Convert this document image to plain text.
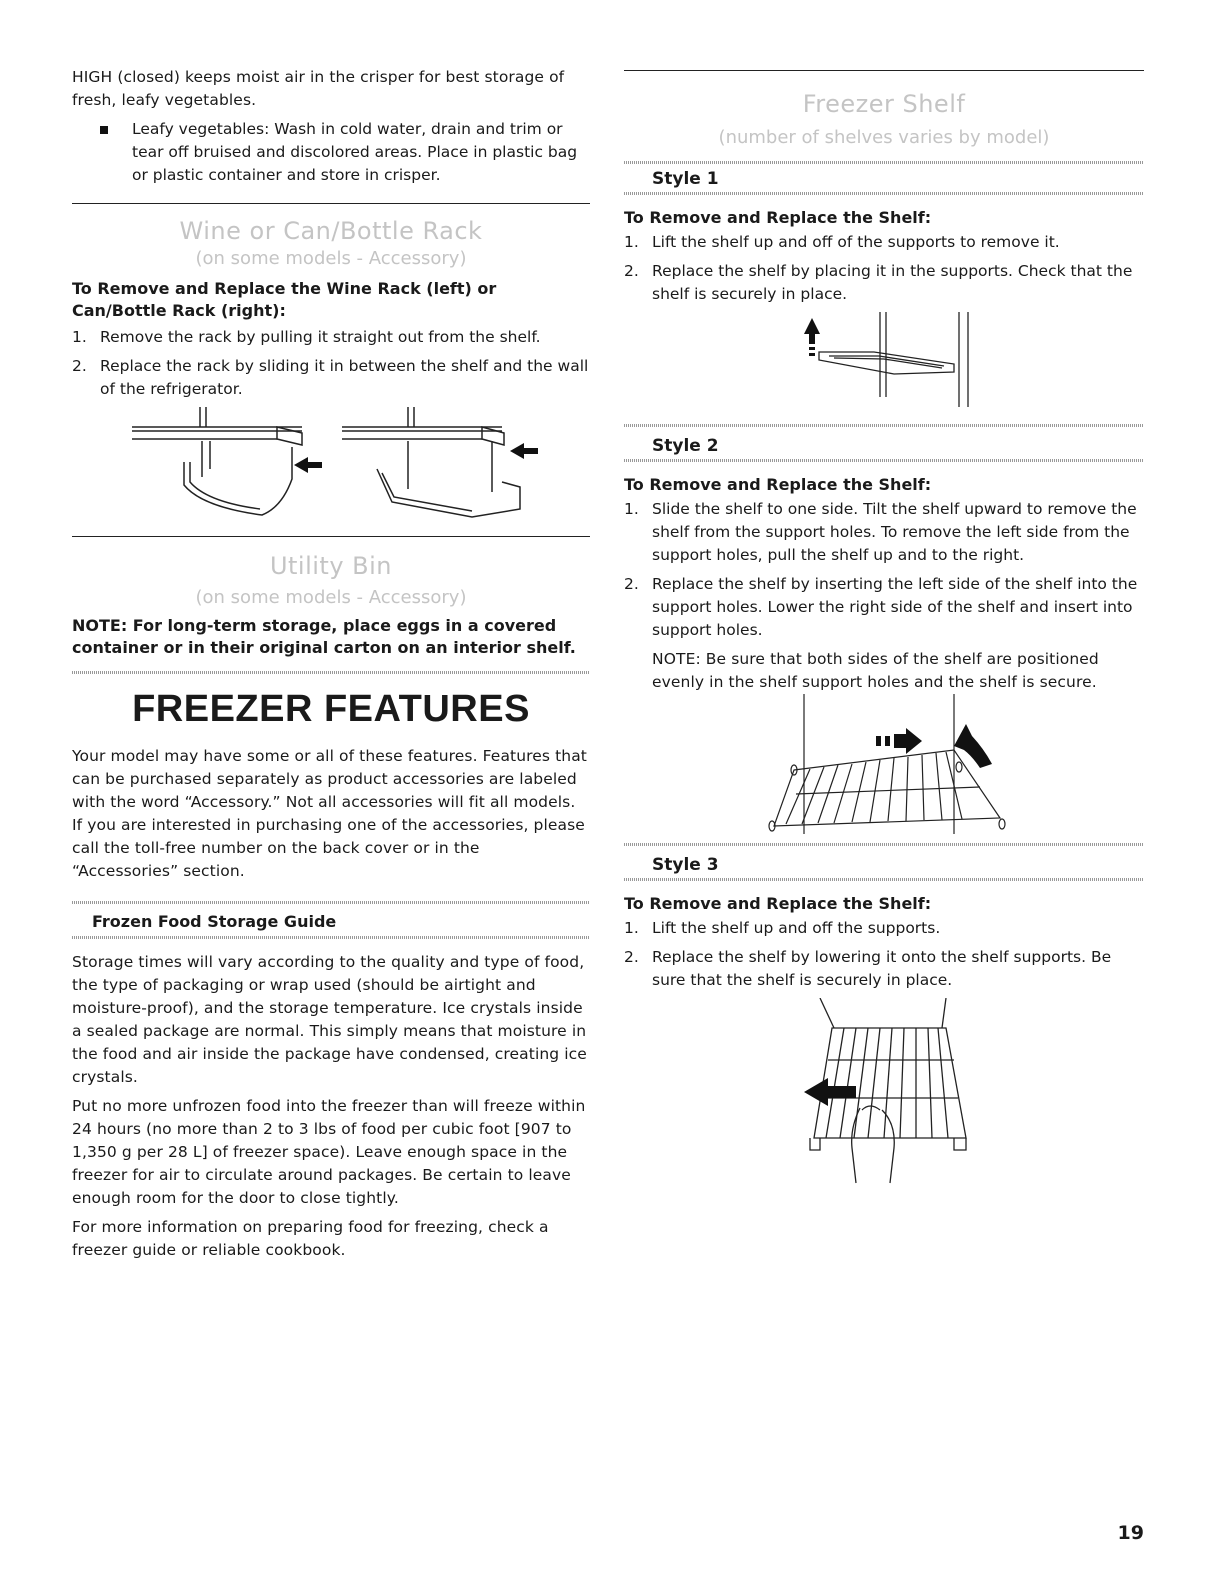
HIGH (closed) keeps moist air in the crisper for best storage of fresh, leafy vegetables.

Leafy vegetables: Wash in cold water, drain and trim or tear off bruised and discolored areas. Place in plastic bag or plastic container and store in crisper.
Wine or Can/Bottle Rack
(on some models - Accessory)

To Remove and Replace the Wine Rack (left) or Can/Bottle Rack (right):

1. Remove the rack by pulling it straight out from the shelf.
2. Replace the rack by sliding it in between the shelf and the wall of the refrigerator.
Utility Bin
(on some models - Accessory)

NOTE: For long-term storage, place eggs in a covered container or in their original carton on an interior shelf.

FREEZER FEATURES

Your model may have some or all of these features. Features that can be purchased separately as product accessories are labeled with the word “Accessory.” Not all accessories will fit all models. If you are interested in purchasing one of the accessories, please call the toll-free number on the back cover or in the “Accessories” section.

Frozen Food Storage Guide

Storage times will vary according to the quality and type of food, the type of packaging or wrap used (should be airtight and moisture-proof), and the storage temperature. Ice crystals inside a sealed package are normal. This simply means that moisture in the food and air inside the package have condensed, creating ice crystals.

Put no more unfrozen food into the freezer than will freeze within 24 hours (no more than 2 to 3 lbs of food per cubic foot [907 to 1,350 g per 28 L] of freezer space). Leave enough space in the freezer for air to circulate around packages. Be certain to leave enough room for the door to close tightly.

For more information on preparing food for freezing, check a freezer guide or reliable cookbook.

Freezer Shelf
(number of shelves varies by model)
Style 1

To Remove and Replace the Shelf:

1. Lift the shelf up and off of the supports to remove it.
2. Replace the shelf by placing it in the supports. Check that the shelf is securely in place.
Style 2

To Remove and Replace the Shelf:

1. Slide the shelf to one side. Tilt the shelf upward to remove the shelf from the support holes. To remove the left side from the support holes, pull the shelf up and to the right.
2. Replace the shelf by inserting the left side of the shelf into the support holes. Lower the right side of the shelf and insert into support holes.

NOTE: Be sure that both sides of the shelf are positioned evenly in the shelf support holes and the shelf is secure.

Style 3

To Remove and Replace the Shelf:

1. Lift the shelf up and off the supports.
2. Replace the shelf by lowering it onto the shelf supports. Be sure that the shelf is securely in place.
19
